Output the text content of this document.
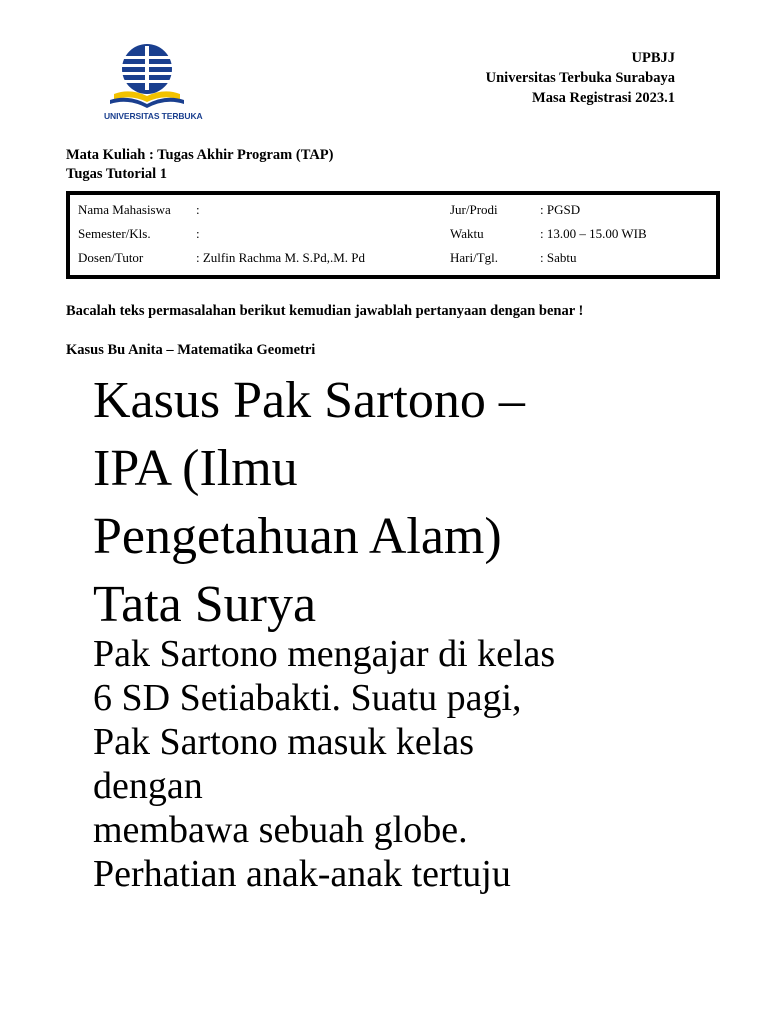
UNIVERSITAS TERBUKA
UPBJJ
Universitas Terbuka Surabaya
Masa Registrasi 2023.1
Mata Kuliah : Tugas Akhir Program (TAP)
Tugas Tutorial 1
Nama Mahasiswa :	Jur/Prodi	: PGSD
Semester/Kls.	:	Waktu	: 13.00 – 15.00 WIB
Dosen/Tutor	: Zulfin Rachma M. S.Pd,.M. Pd	Hari/Tgl.	: Sabtu
Bacalah teks permasalahan berikut kemudian jawablah pertanyaan dengan benar !
Kasus Bu Anita – Matematika Geometri
Kasus Pak Sartono –
IPA (Ilmu
Pengetahuan Alam)
Tata Surya
Pak Sartono mengajar di kelas
6 SD Setiabakti. Suatu pagi,
Pak Sartono masuk kelas
dengan
membawa sebuah globe.
Perhatian anak-anak tertuju
